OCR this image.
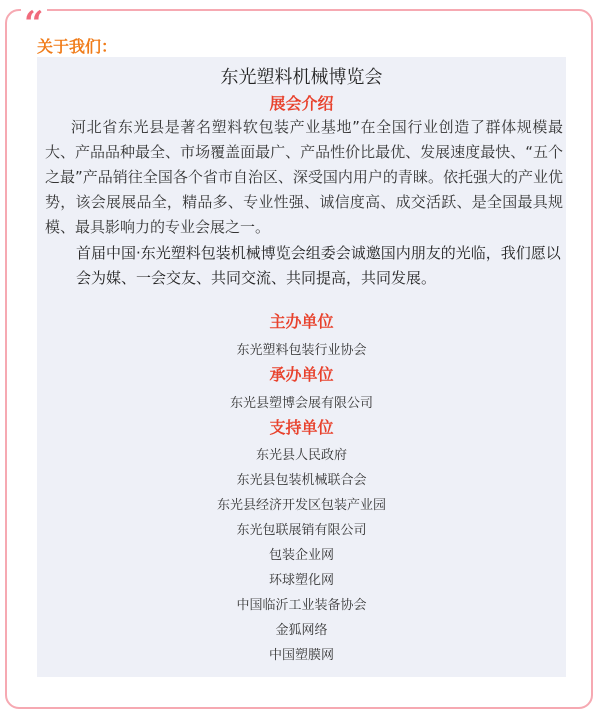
“
关于我们：
东光塑料机械博览会
展会介绍

河北省东光县是著名塑料软包装产业基地”在全国行业创造了群体规模最大、产品品种最全、市场覆盖面最广、产品性价比最优、发展速度最快、“五个之最”产品销往全国各个省市自治区、深受国内用户的青睐。依托强大的产业优势，该会展展品全，精品多、专业性强、诚信度高、成交活跃、是全国最具规模、最具影响力的专业会展之一。

首届中国·东光塑料包装机械博览会组委会诚邀国内朋友的光临，我们愿以会为媒、一会交友、共同交流、共同提高，共同发展。

主办单位
东光塑料包装行业协会
承办单位
东光县塑博会展有限公司
支持单位
东光县人民政府
东光县包装机械联合会
东光县经济开发区包装产业园
东光包联展销有限公司
包装企业网
环球塑化网
中国临沂工业装备协会
金狐网络
中国塑膜网
